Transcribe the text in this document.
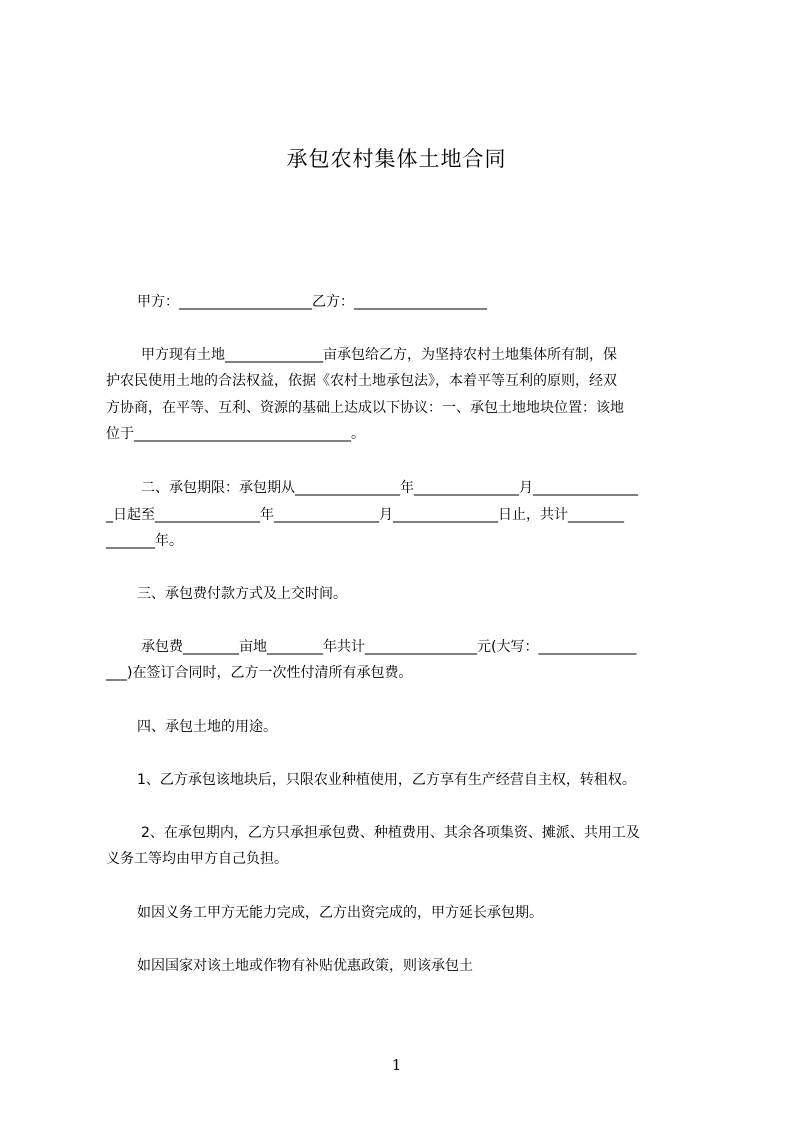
承包农村集体土地合同
甲方：___________________乙方：___________________
甲方现有土地______________亩承包给乙方，为坚持农村土地集体所有制，保
护农民使用土地的合法权益，依据《农村土地承包法》，本着平等互利的原则，经双
方协商，在平等、互利、资源的基础上达成以下协议：一、承包土地地块位置：该地
位于_______________________________。
二、承包期限：承包期从_______________年_______________月_______________
_日起至_______________年_______________月_______________日止，共计________
_______年。
三、承包费付款方式及上交时间。
承包费________亩地________年共计________________元(大写：______________
___)在签订合同时，乙方一次性付清所有承包费。
四、承包土地的用途。
1、乙方承包该地块后，只限农业种植使用，乙方享有生产经营自主权，转租权。
2、在承包期内，乙方只承担承包费、种植费用、其余各项集资、摊派、共用工及
义务工等均由甲方自己负担。
如因义务工甲方无能力完成，乙方出资完成的，甲方延长承包期。
如因国家对该土地或作物有补贴优惠政策，则该承包土
1
